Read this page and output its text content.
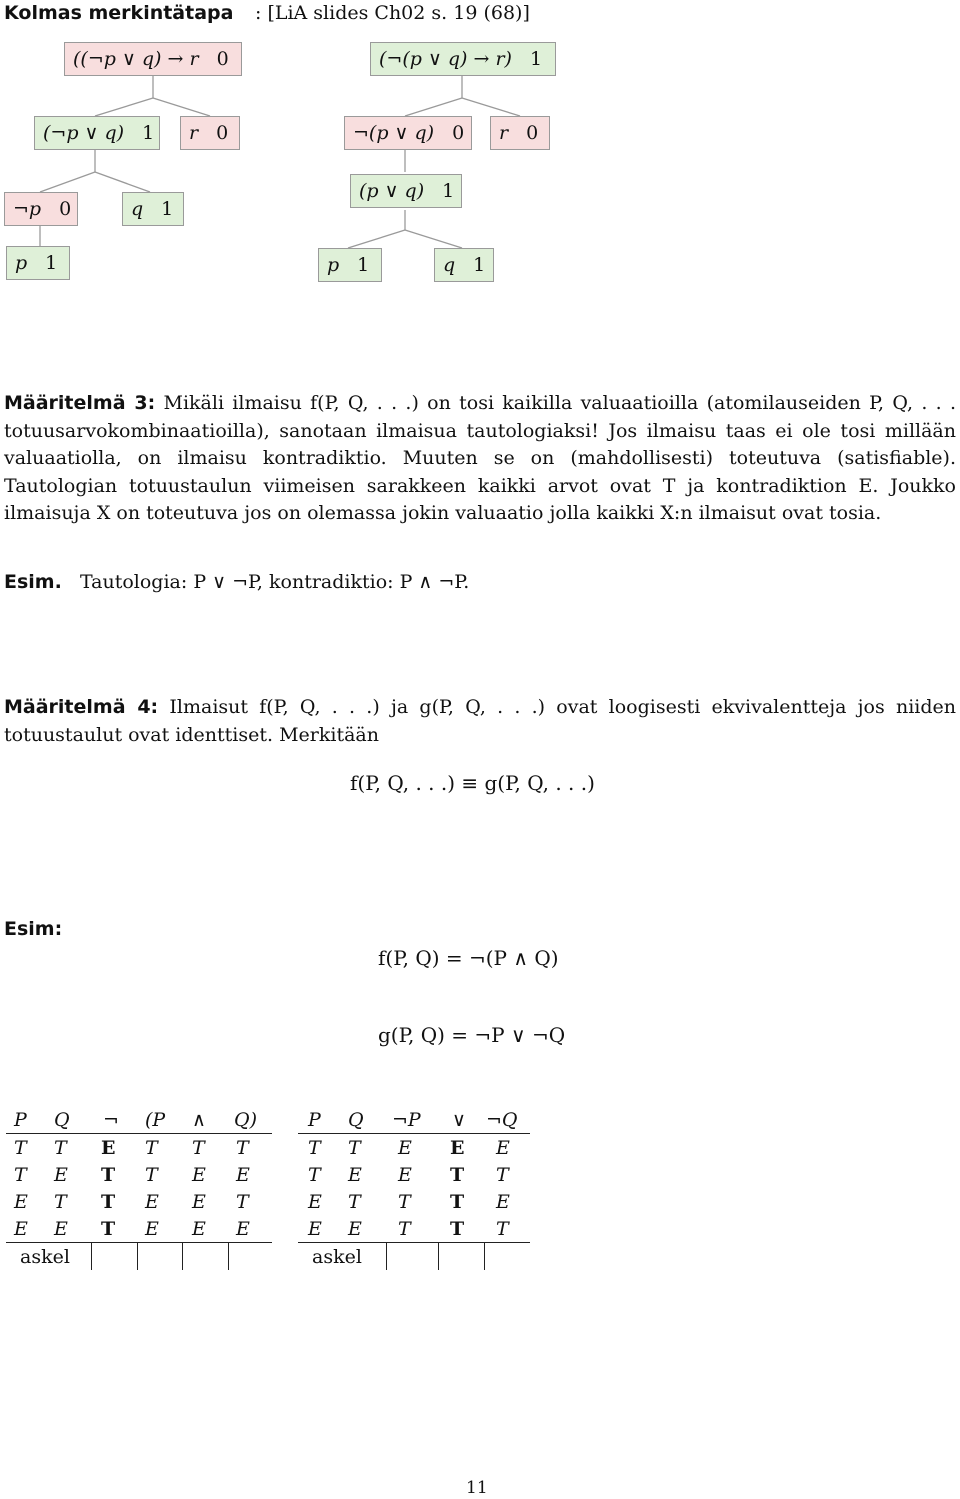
Kolmas merkintätapa : [LiA slides Ch02 s. 19 (68)]
((¬p ∨ q) → r 0
(¬p ∨ q) 1 r 0
¬p 0	q 1
p 1
(¬(p ∨ q) → r) 1
¬(p ∨ q) 0 r 0
(p ∨ q) 1
p 1	q 1
Määritelmä 3: Mikäli ilmaisu f(P, Q, . . .) on tosi kaikilla valuaatioilla (atomilauseiden P, Q, . . . totuusarvokombinaatioilla), sanotaan ilmaisua tautologiaksi! Jos ilmaisu taas ei ole tosi millään valuaatiolla, on ilmaisu kontradiktio. Muuten se on (mahdollisesti) toteutuva (satisfiable). Tautologian totuustaulun viimeisen sarakkeen kaikki arvot ovat T ja kontradiktion E. Joukko ilmaisuja X on toteutuva jos on olemassa jokin valuaatio jolla kaikki X:n ilmaisut ovat tosia.
Esim. Tautologia: P ∨ ¬P, kontradiktio: P ∧ ¬P.
Määritelmä 4: Ilmaisut f(P, Q, . . .) ja g(P, Q, . . .) ovat loogisesti ekvivalentteja jos niiden totuustaulut ovat identtiset. Merkitään
f(P, Q, . . .) ≡ g(P, Q, . . .)
Esim:
f(P, Q) = ¬(P ∧ Q)
g(P, Q) = ¬P ∨ ¬Q
P	Q	¬	(P	∧	Q)
T	T	E	T	T	T
T	E	T	T	E	E
E	T	T	E	E	T
E	E	T	E	E	E
askel					
P	Q	¬P	∨	¬Q
T	T	E	E	E
T	E	E	T	T
E	T	T	T	E
E	E	T	T	T
askel				
11
